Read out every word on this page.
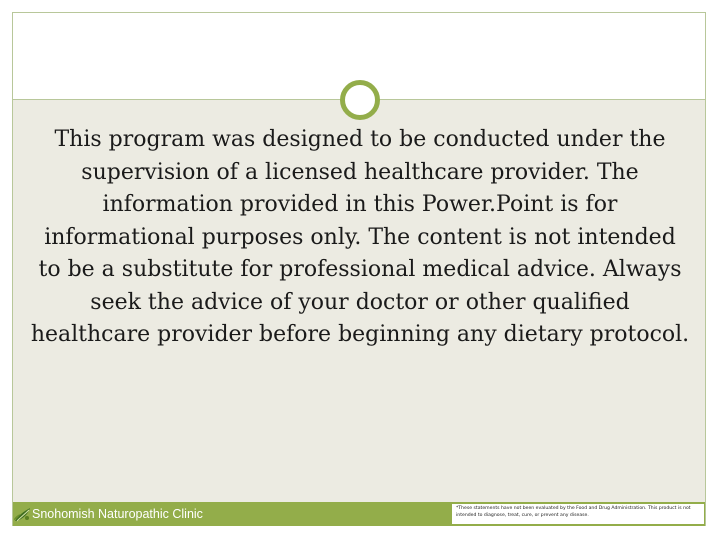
This program was designed to be conducted under the supervision of a licensed healthcare provider. The information provided in this Power.Point is for informational purposes only. The content is not intended to be a substitute for professional medical advice. Always seek the advice of your doctor or other qualified healthcare provider before beginning any dietary protocol.

Snohomish Naturopathic Clinic	*These statements have not been evaluated by the Food and Drug Administration. This product is not intended to diagnose, treat, cure, or prevent any disease.
